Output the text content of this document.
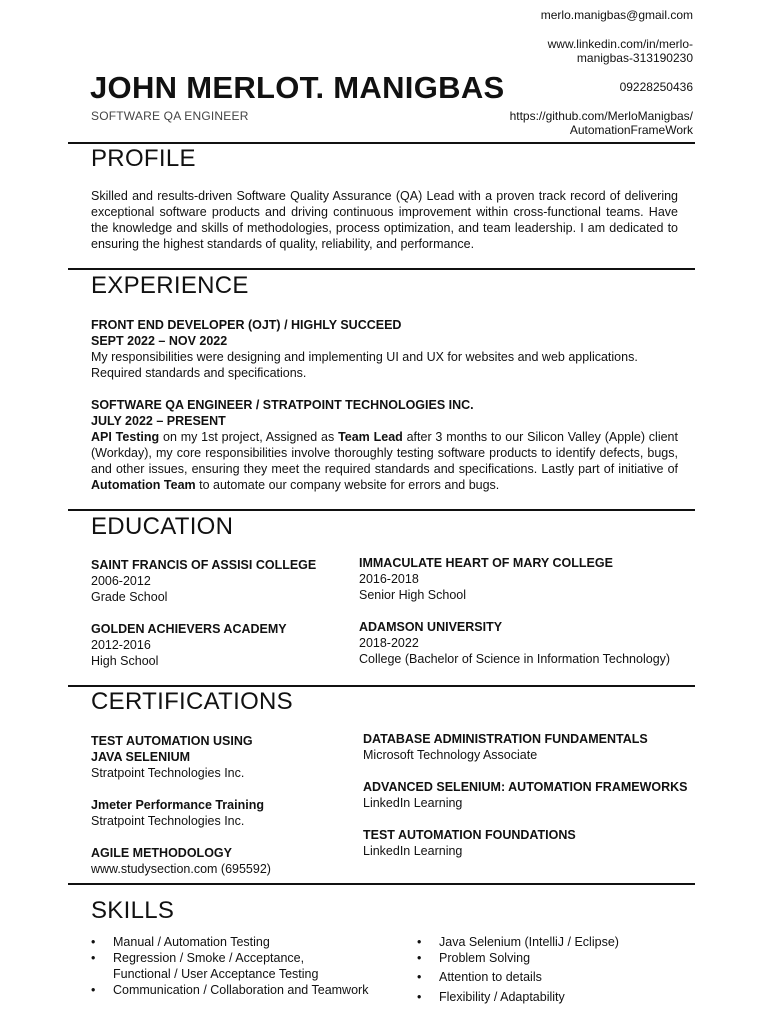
merlo.manigbas@gmail.com
www.linkedin.com/in/merlo-
manigbas-313190230
09228250436
https://github.com/MerloManigbas/
AutomationFrameWork
JOHN MERLOT. MANIGBAS
SOFTWARE QA ENGINEER
PROFILE
Skilled and results-driven Software Quality Assurance (QA) Lead with a proven track record of delivering exceptional software products and driving continuous improvement within cross-functional teams. Have the knowledge and skills of methodologies, process optimization, and team leadership. I am dedicated to ensuring the highest standards of quality, reliability, and performance.
EXPERIENCE
FRONT END DEVELOPER (OJT) / HIGHLY SUCCEED
SEPT 2022 – NOV 2022
My responsibilities were designing and implementing UI and UX for websites and web applications. Required standards and specifications.
SOFTWARE QA ENGINEER / STRATPOINT TECHNOLOGIES INC.
JULY 2022 – PRESENT
API Testing on my 1st project, Assigned as Team Lead after 3 months to our Silicon Valley (Apple) client (Workday), my core responsibilities involve thoroughly testing software products to identify defects, bugs, and other issues, ensuring they meet the required standards and specifications. Lastly part of initiative of Automation Team to automate our company website for errors and bugs.
EDUCATION
SAINT FRANCIS OF ASSISI COLLEGE
2006-2012
Grade School
GOLDEN ACHIEVERS ACADEMY
2012-2016
High School
IMMACULATE HEART OF MARY COLLEGE
2016-2018
Senior High School
ADAMSON UNIVERSITY
2018-2022
College (Bachelor of Science in Information Technology)
CERTIFICATIONS
TEST AUTOMATION USING
JAVA SELENIUM
Stratpoint Technologies Inc.
Jmeter Performance Training
Stratpoint Technologies Inc.
AGILE METHODOLOGY
www.studysection.com (695592)
DATABASE ADMINISTRATION FUNDAMENTALS
Microsoft Technology Associate
ADVANCED SELENIUM: AUTOMATION FRAMEWORKS
LinkedIn Learning
TEST AUTOMATION FOUNDATIONS
LinkedIn Learning
SKILLS
• Manual / Automation Testing
• Regression / Smoke / Acceptance,
Functional / User Acceptance Testing
• Communication / Collaboration and Teamwork
• Java Selenium (IntelliJ / Eclipse)
• Problem Solving
• Attention to details
• Flexibility / Adaptability
